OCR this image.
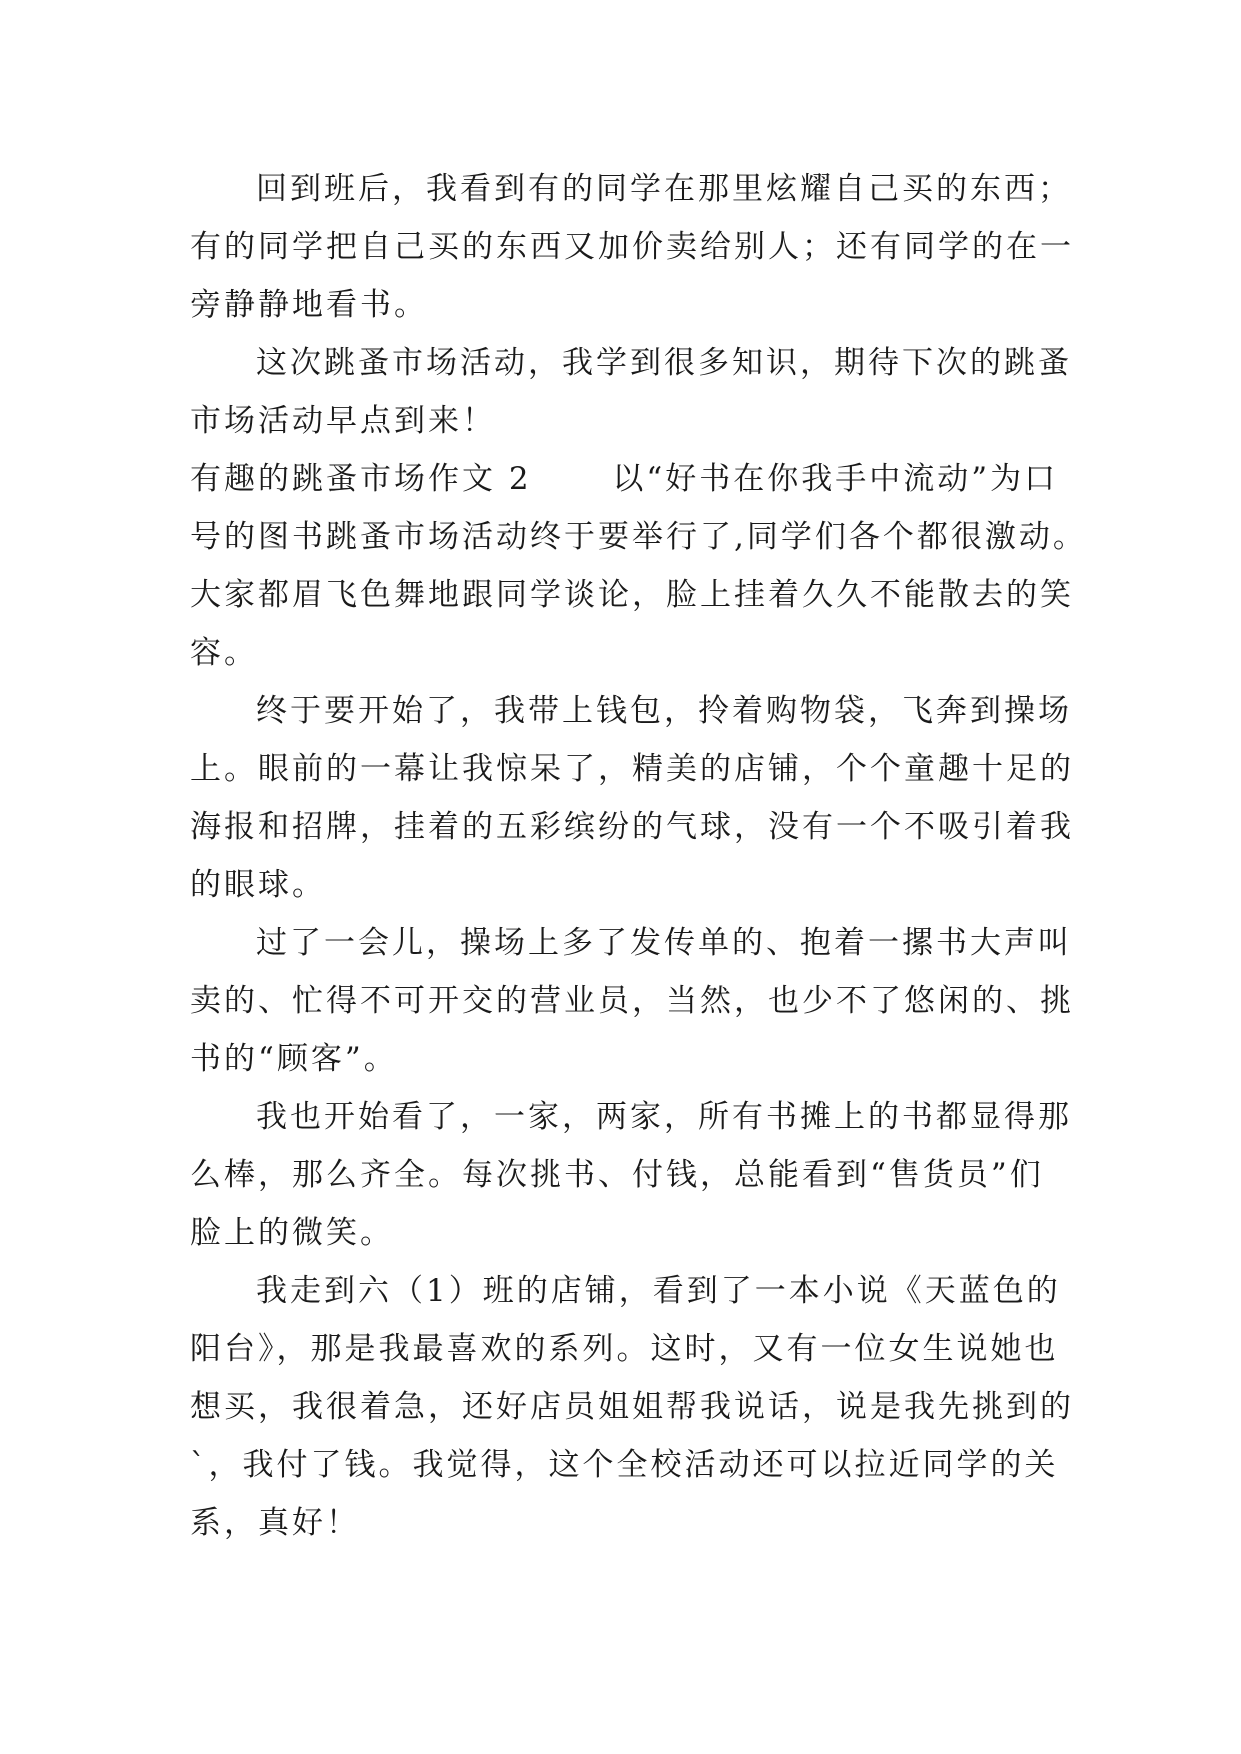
回到班后，我看到有的同学在那里炫耀自己买的东西；
有的同学把自己买的东西又加价卖给别人；还有同学的在一
旁静静地看书。
这次跳蚤市场活动，我学到很多知识，期待下次的跳蚤
市场活动早点到来！
有趣的跳蚤市场作文 2　　 以“好书在你我手中流动”为口
号的图书跳蚤市场活动终于要举行了,同学们各个都很激动。
大家都眉飞色舞地跟同学谈论，脸上挂着久久不能散去的笑
容。
终于要开始了，我带上钱包，拎着购物袋，飞奔到操场
上。眼前的一幕让我惊呆了，精美的店铺，个个童趣十足的
海报和招牌，挂着的五彩缤纷的气球，没有一个不吸引着我
的眼球。
过了一会儿，操场上多了发传单的、抱着一摞书大声叫
卖的、忙得不可开交的营业员，当然，也少不了悠闲的、挑
书的“顾客”。
我也开始看了，一家，两家，所有书摊上的书都显得那
么棒，那么齐全。每次挑书、付钱，总能看到“售货员”们
脸上的微笑。
我走到六（1）班的店铺，看到了一本小说《天蓝色的
阳台》，那是我最喜欢的系列。这时，又有一位女生说她也
想买，我很着急，还好店员姐姐帮我说话，说是我先挑到的
`，我付了钱。我觉得，这个全校活动还可以拉近同学的关
系，真好！
